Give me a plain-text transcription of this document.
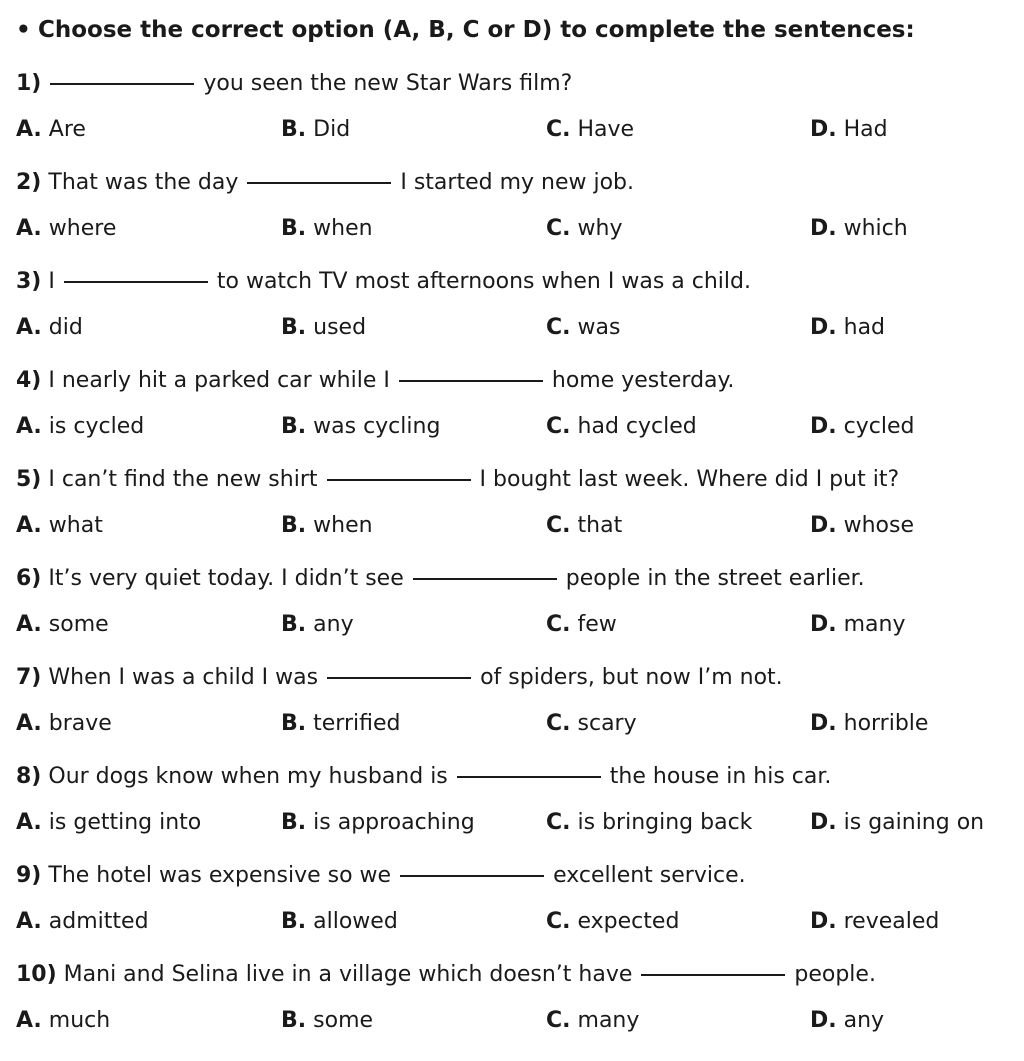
• Choose the correct option (A, B, C or D) to complete the sentences:
1)	you seen the new Star Wars film?
A. Are	B. Did	C. Have	D. Had
2) That was the day	I started my new job.
A. where	B. when	C. why	D. which
3) I	to watch TV most afternoons when I was a child.
A. did	B. used	C. was	D. had
4) I nearly hit a parked car while I	home yesterday.
A. is cycled	B. was cycling	C. had cycled	D. cycled
5) I can’t find the new shirt	I bought last week. Where did I put it?
A. what	B. when	C. that	D. whose
6) It’s very quiet today. I didn’t see	people in the street earlier.
A. some	B. any	C. few	D. many
7) When I was a child I was	of spiders, but now I’m not.
A. brave	B. terrified	C. scary	D. horrible
8) Our dogs know when my husband is	the house in his car.
A. is getting into	B. is approaching	C. is bringing back	D. is gaining on
9) The hotel was expensive so we	excellent service.
A. admitted	B. allowed	C. expected	D. revealed
10) Mani and Selina live in a village which doesn’t have	people.
A. much	B. some	C. many	D. any
